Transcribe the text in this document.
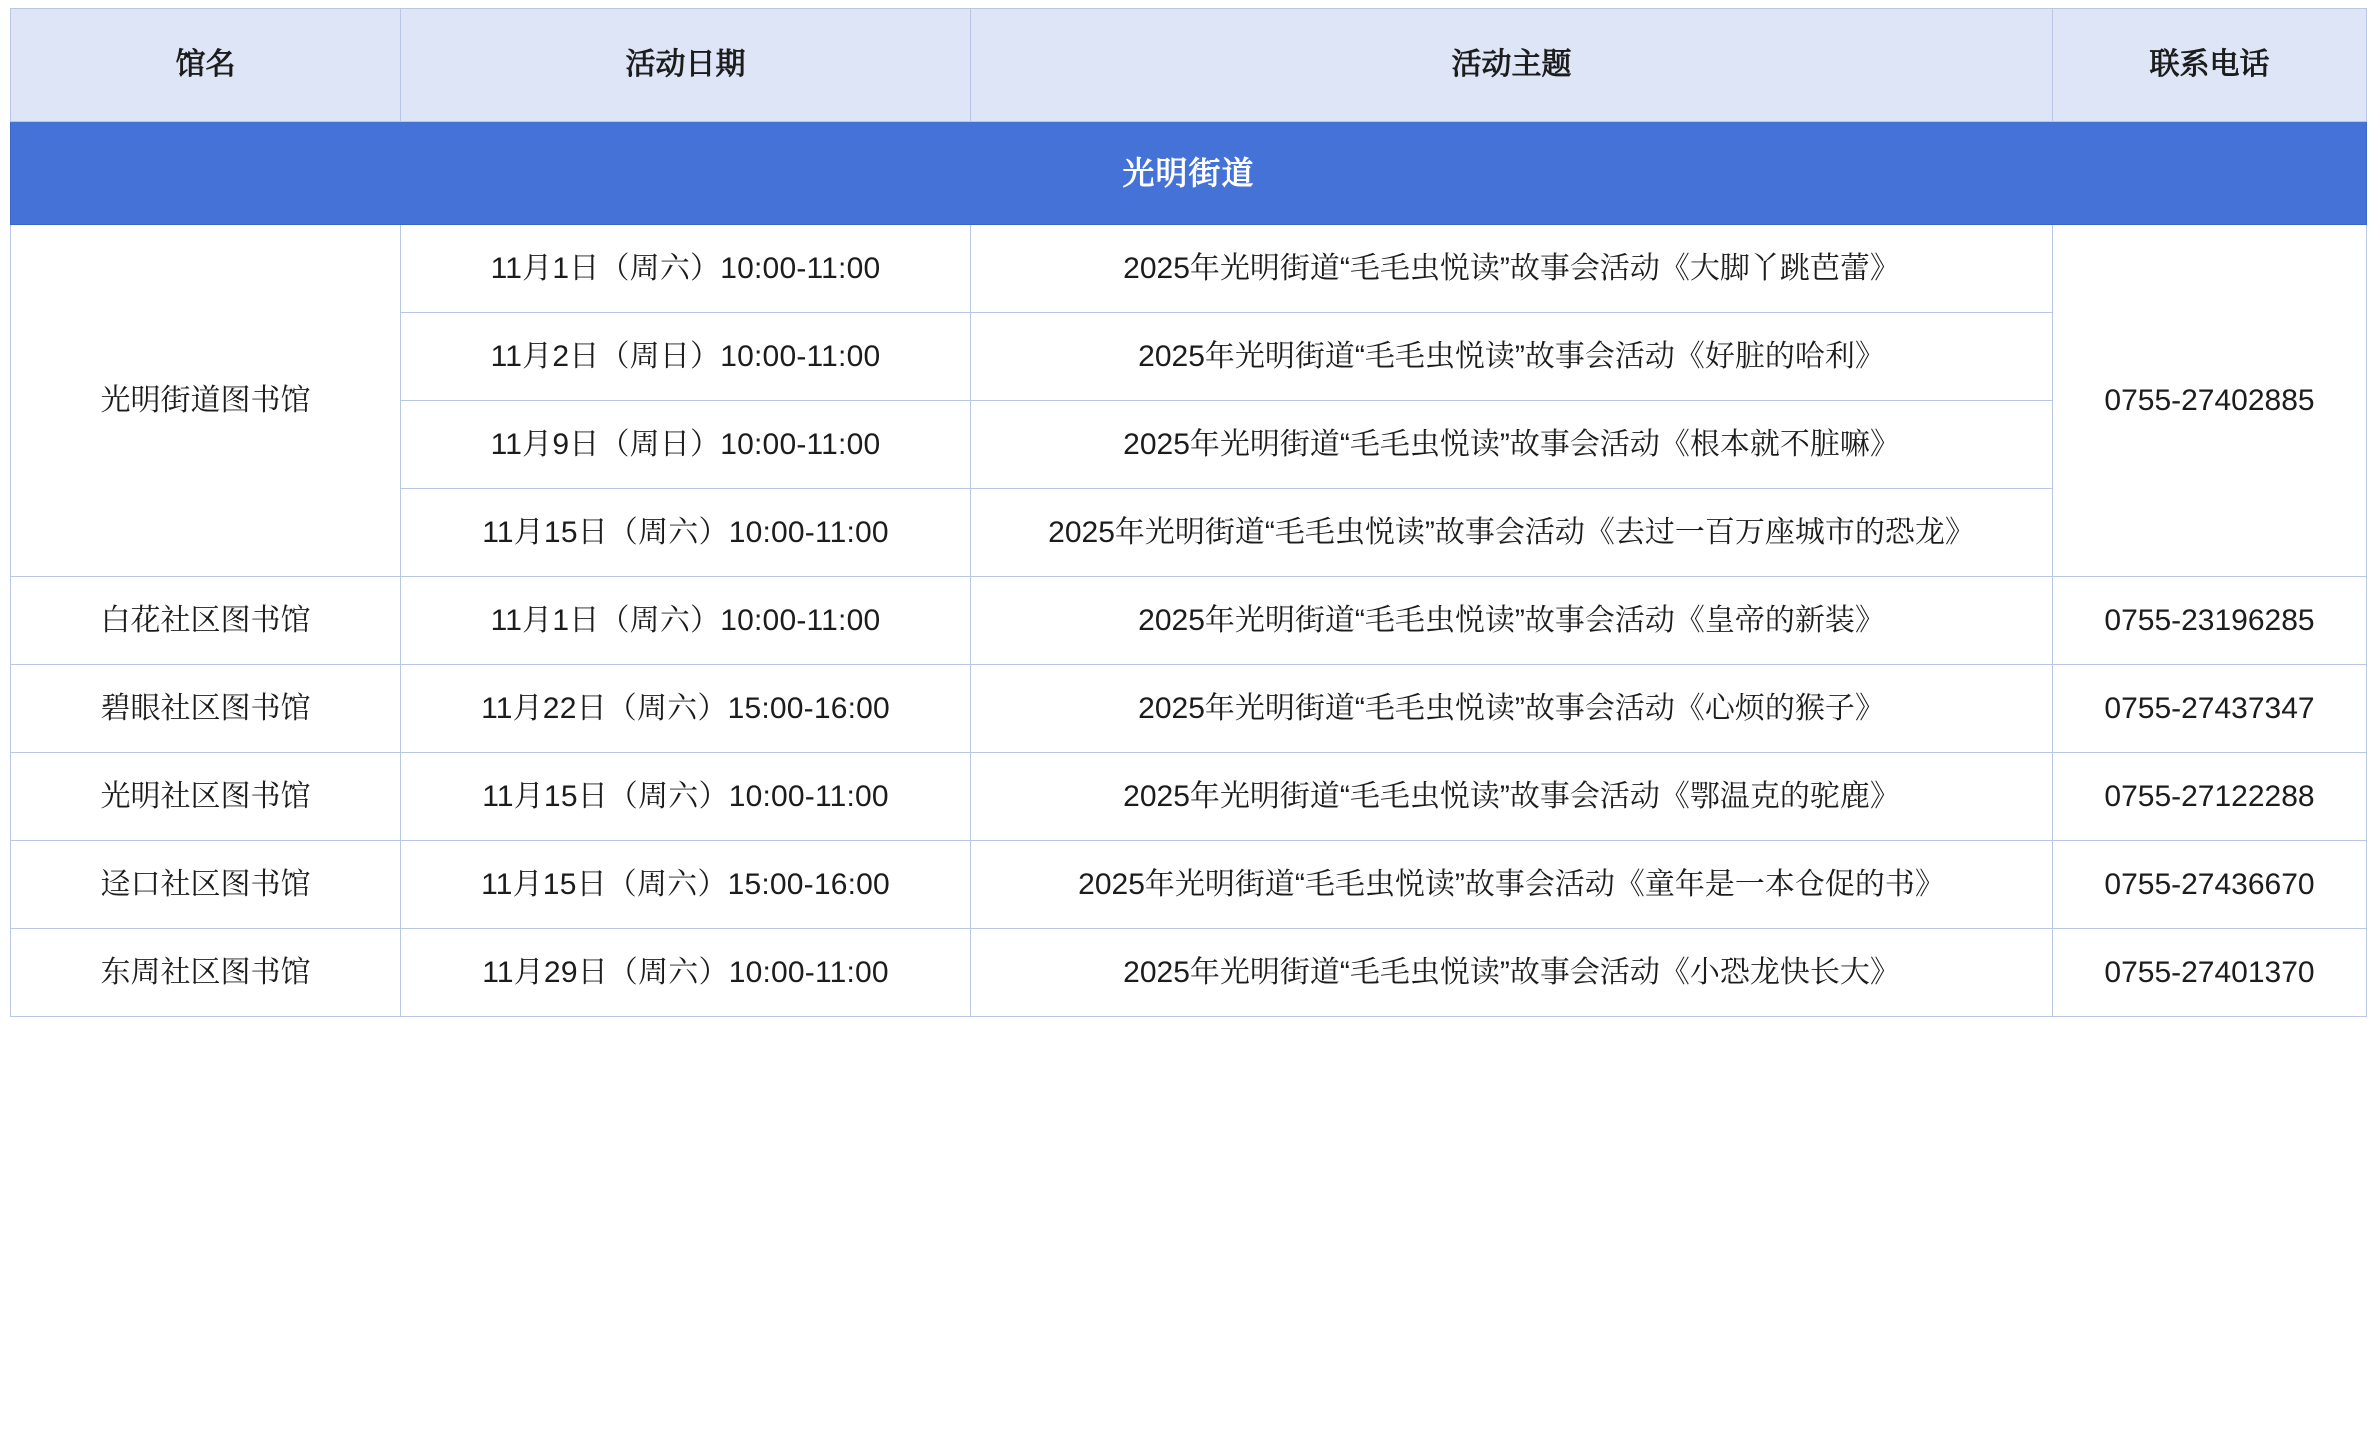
馆名	活动日期	活动主题	联系电话
光明街道			
光明街道图书馆	11月1日（周六）10:00-11:00	2025年光明街道“毛毛虫悦读”故事会活动《大脚丫跳芭蕾》	0755-27402885
	11月2日（周日）10:00-11:00	2025年光明街道“毛毛虫悦读”故事会活动《好脏的哈利》	
	11月9日（周日）10:00-11:00	2025年光明街道“毛毛虫悦读”故事会活动《根本就不脏嘛》	
	11月15日（周六）10:00-11:00	2025年光明街道“毛毛虫悦读”故事会活动《去过一百万座城市的恐龙》	
白花社区图书馆	11月1日（周六）10:00-11:00	2025年光明街道“毛毛虫悦读”故事会活动《皇帝的新装》	0755-23196285
碧眼社区图书馆	11月22日（周六）15:00-16:00	2025年光明街道“毛毛虫悦读”故事会活动《心烦的猴子》	0755-27437347
光明社区图书馆	11月15日（周六）10:00-11:00	2025年光明街道“毛毛虫悦读”故事会活动《鄂温克的驼鹿》	0755-27122288
迳口社区图书馆	11月15日（周六）15:00-16:00	2025年光明街道“毛毛虫悦读”故事会活动《童年是一本仓促的书》	0755-27436670
东周社区图书馆	11月29日（周六）10:00-11:00	2025年光明街道“毛毛虫悦读”故事会活动《小恐龙快长大》	0755-27401370
